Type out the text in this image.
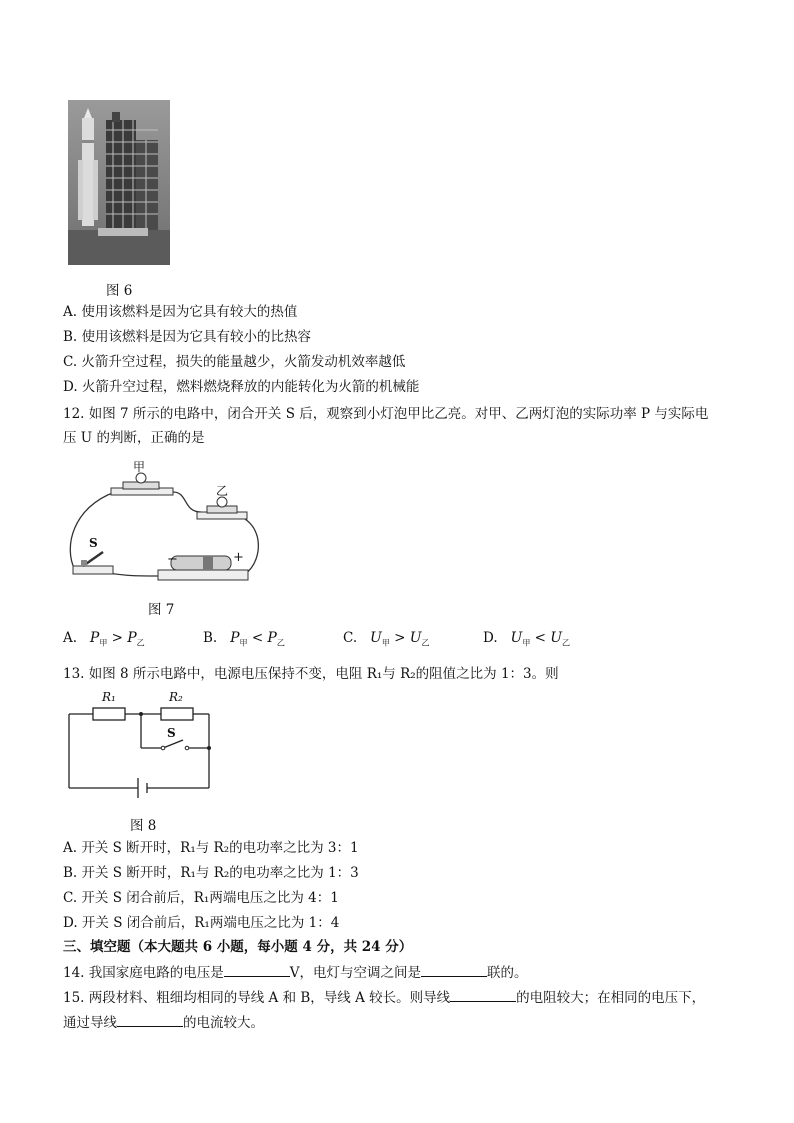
图 6
A. 使用该燃料是因为它具有较大的热值
B. 使用该燃料是因为它具有较小的比热容
C. 火箭升空过程，损失的能量越少，火箭发动机效率越低
D. 火箭升空过程，燃料燃烧释放的内能转化为火箭的机械能
12. 如图 7 所示的电路中，闭合开关 S 后，观察到小灯泡甲比乙亮。对甲、乙两灯泡的实际功率 P 与实际电
压 U 的判断，正确的是
甲
乙
S
−	+
图 7
A. $P_甲 > P_乙$	B. $P_甲 < P_乙$	C. $U_甲 > U_乙$	D. $U_甲 < U_乙$
13. 如图 8 所示电路中，电源电压保持不变，电阻 R₁与 R₂的阻值之比为 1：3。则
R₁	R₂
S
图 8
A. 开关 S 断开时，R₁与 R₂的电功率之比为 3：1
B. 开关 S 断开时，R₁与 R₂的电功率之比为 1：3
C. 开关 S 闭合前后，R₁两端电压之比为 4：1
D. 开关 S 闭合前后，R₁两端电压之比为 1：4
三、填空题（本大题共 6 小题，每小题 4 分，共 24 分）
14. 我国家庭电路的电压是	V，电灯与空调之间是	联的。
15. 两段材料、粗细均相同的导线 A 和 B，导线 A 较长。则导线	的电阻较大；在相同的电压下，
通过导线	的电流较大。
